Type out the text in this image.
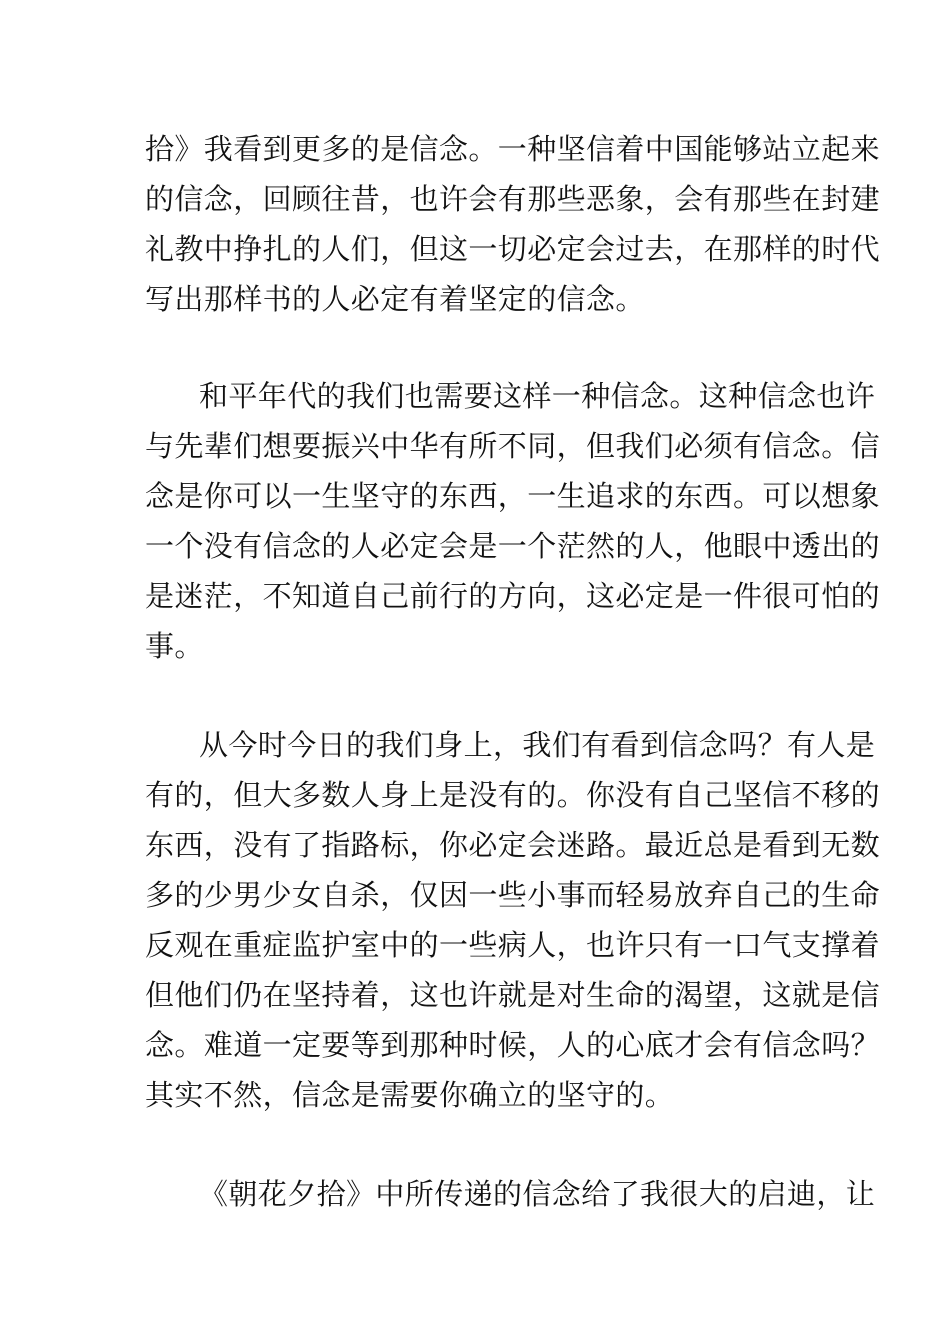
拾》我看到更多的是信念。一种坚信着中国能够站立起来
的信念，回顾往昔，也许会有那些恶象，会有那些在封建
礼教中挣扎的人们，但这一切必定会过去，在那样的时代
写出那样书的人必定有着坚定的信念。
和平年代的我们也需要这样一种信念。这种信念也许
与先辈们想要振兴中华有所不同，但我们必须有信念。信
念是你可以一生坚守的东西，一生追求的东西。可以想象
一个没有信念的人必定会是一个茫然的人，他眼中透出的
是迷茫，不知道自己前行的方向，这必定是一件很可怕的
事。
从今时今日的我们身上，我们有看到信念吗？有人是
有的，但大多数人身上是没有的。你没有自己坚信不移的
东西，没有了指路标，你必定会迷路。最近总是看到无数
多的少男少女自杀，仅因一些小事而轻易放弃自己的生命
反观在重症监护室中的一些病人，也许只有一口气支撑着
但他们仍在坚持着，这也许就是对生命的渴望，这就是信
念。难道一定要等到那种时候，人的心底才会有信念吗？
其实不然，信念是需要你确立的坚守的。
《朝花夕拾》中所传递的信念给了我很大的启迪，让
